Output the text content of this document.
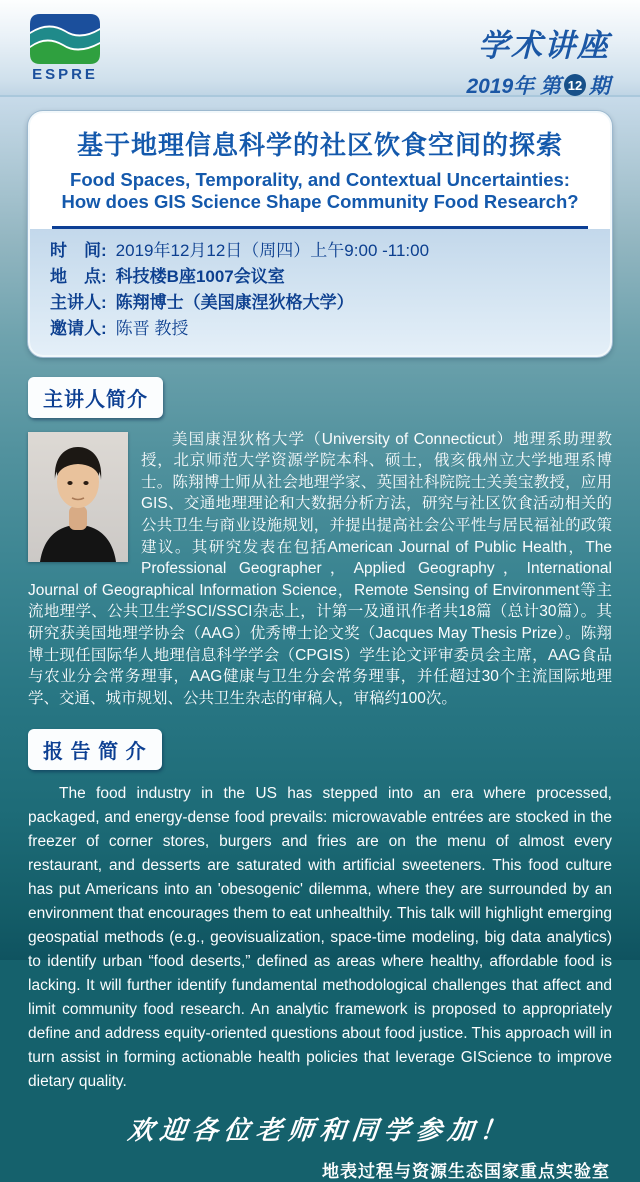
ESPRE
学术讲座
2019年 第 12 期
基于地理信息科学的社区饮食空间的探索
Food Spaces, Temporality, and Contextual Uncertainties:
How does GIS Science Shape Community Food Research?
时　间: 2019年12月12日（周四）上午9:00 -11:00
地　点: 科技楼B座1007会议室
主讲人: 陈翔博士（美国康涅狄格大学）
邀请人: 陈晋 教授
主讲人简介
美国康涅狄格大学（University of Connecticut）地理系助理教授，北京师范大学资源学院本科、硕士，俄亥俄州立大学地理系博士。陈翔博士师从社会地理学家、英国社科院院士关美宝教授，应用GIS、交通地理理论和大数据分析方法，研究与社区饮食活动相关的公共卫生与商业设施规划，并提出提高社会公平性与居民福祉的政策建议。其研究发表在包括American Journal of Public Health，The Professional Geographer，Applied Geography，International Journal of Geographical Information Science，Remote Sensing of Environment等主流地理学、公共卫生学SCI/SSCI杂志上，计第一及通讯作者共18篇（总计30篇）。其研究获美国地理学协会（AAG）优秀博士论文奖（Jacques May Thesis Prize）。陈翔博士现任国际华人地理信息科学学会（CPGIS）学生论文评审委员会主席，AAG食品与农业分会常务理事，AAG健康与卫生分会常务理事，并任超过30个主流国际地理学、交通、城市规划、公共卫生杂志的审稿人，审稿约100次。
报 告 简 介
The food industry in the US has stepped into an era where processed, packaged, and energy-dense food prevails: microwavable entrées are stocked in the freezer of corner stores, burgers and fries are on the menu of almost every restaurant, and desserts are saturated with artificial sweeteners. This food culture has put Americans into an 'obesogenic' dilemma, where they are surrounded by an environment that encourages them to eat unhealthily. This talk will highlight emerging geospatial methods (e.g., geovisualization, space-time modeling, big data analytics) to identify urban “food deserts,” defined as areas where healthy, affordable food is lacking. It will further identify fundamental methodological challenges that affect and limit community food research. An analytic framework is proposed to appropriately define and address equity-oriented questions about food justice. This approach will in turn assist in forming actionable health policies that leverage GIScience to improve dietary quality.
欢迎各位老师和同学参加！
地表过程与资源生态国家重点实验室
